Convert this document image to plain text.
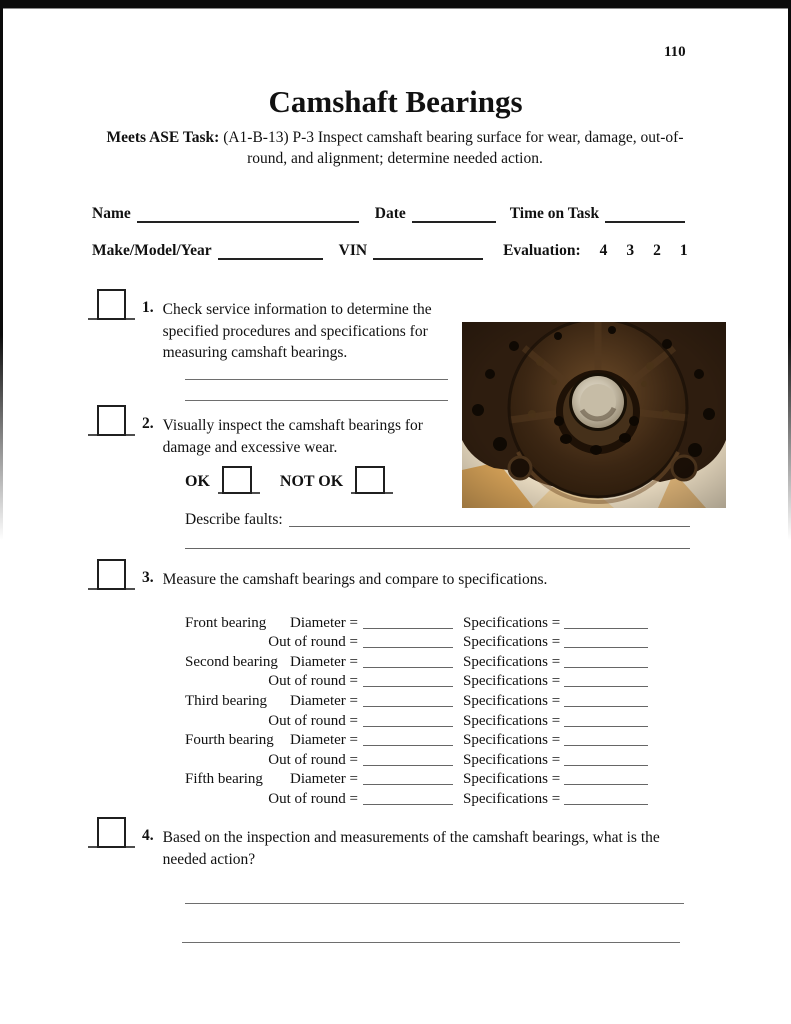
110
Camshaft Bearings
Meets ASE Task: (A1-B-13) P-3 Inspect camshaft bearing surface for wear, damage, out-of-round, and alignment; determine needed action.
Name	Date	Time on Task
Make/Model/Year	VIN	Evaluation: 4 3 2 1
1. Check service information to determine the specified procedures and specifications for measuring camshaft bearings.
2. Visually inspect the camshaft bearings for damage and excessive wear.
OK	NOT OK
Describe faults:
3. Measure the camshaft bearings and compare to specifications.
Front bearing	Diameter =	Specifications =
Out of round =	Specifications =
Second bearing Diameter =	Specifications =
Out of round =	Specifications =
Third bearing	Diameter =	Specifications =
Out of round =	Specifications =
Fourth bearing	Diameter =	Specifications =
Out of round =	Specifications =
Fifth bearing	Diameter =	Specifications =
Out of round =	Specifications =
4. Based on the inspection and measurements of the camshaft bearings, what is the needed action?
